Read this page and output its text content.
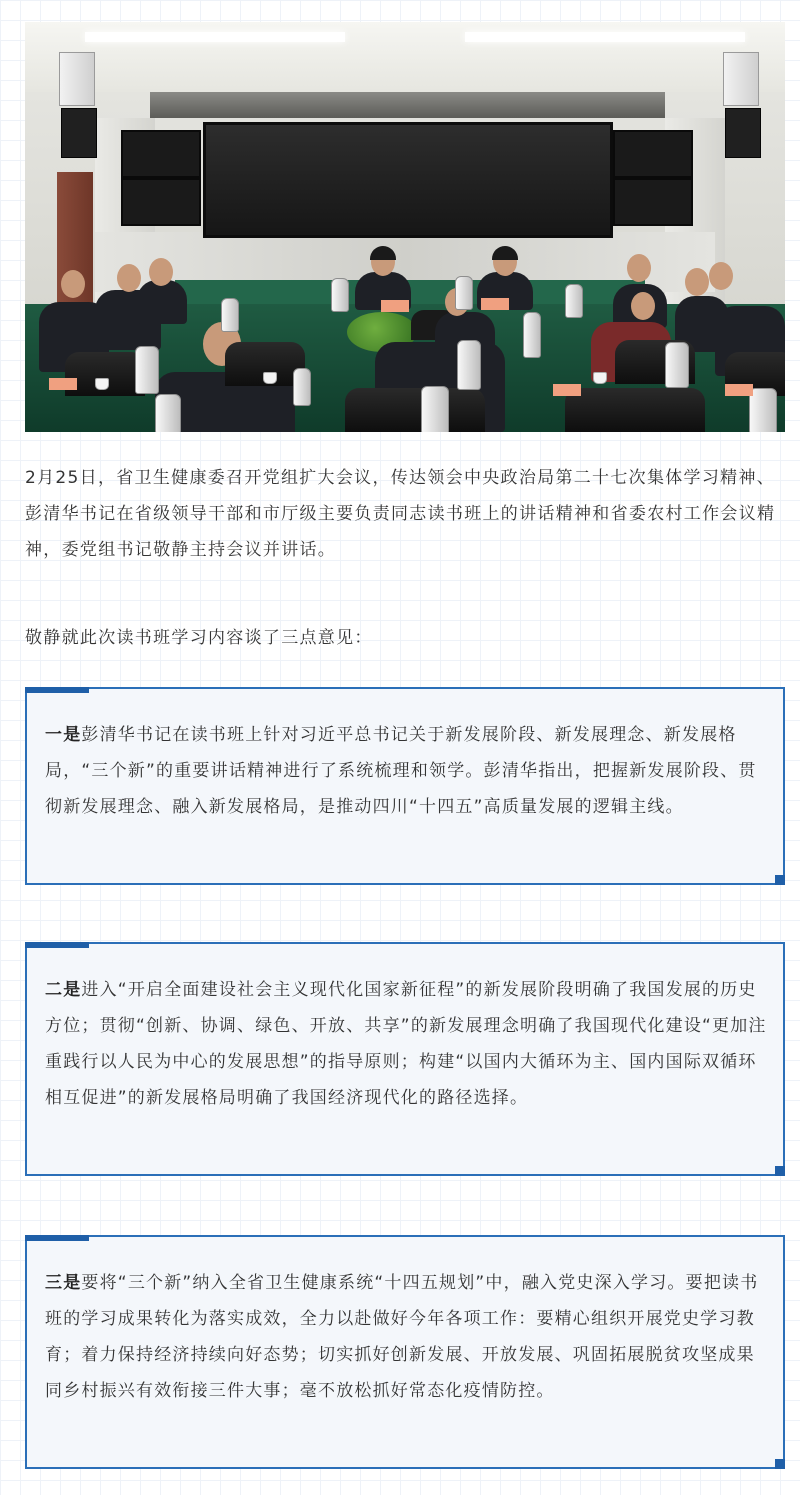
2月25日，省卫生健康委召开党组扩大会议，传达领会中央政治局第二十七次集体学习精神、彭清华书记在省级领导干部和市厅级主要负责同志读书班上的讲话精神和省委农村工作会议精神，委党组书记敬静主持会议并讲话。

敬静就此次读书班学习内容谈了三点意见：

一是彭清华书记在读书班上针对习近平总书记关于新发展阶段、新发展理念、新发展格局，“三个新”的重要讲话精神进行了系统梳理和领学。彭清华指出，把握新发展阶段、贯彻新发展理念、融入新发展格局，是推动四川“十四五”高质量发展的逻辑主线。

二是进入“开启全面建设社会主义现代化国家新征程”的新发展阶段明确了我国发展的历史方位；贯彻“创新、协调、绿色、开放、共享”的新发展理念明确了我国现代化建设“更加注重践行以人民为中心的发展思想”的指导原则；构建“以国内大循环为主、国内国际双循环相互促进”的新发展格局明确了我国经济现代化的路径选择。

三是要将“三个新”纳入全省卫生健康系统“十四五规划”中，融入党史深入学习。要把读书班的学习成果转化为落实成效，全力以赴做好今年各项工作：要精心组织开展党史学习教育；着力保持经济持续向好态势；切实抓好创新发展、开放发展、巩固拓展脱贫攻坚成果同乡村振兴有效衔接三件大事；毫不放松抓好常态化疫情防控。
